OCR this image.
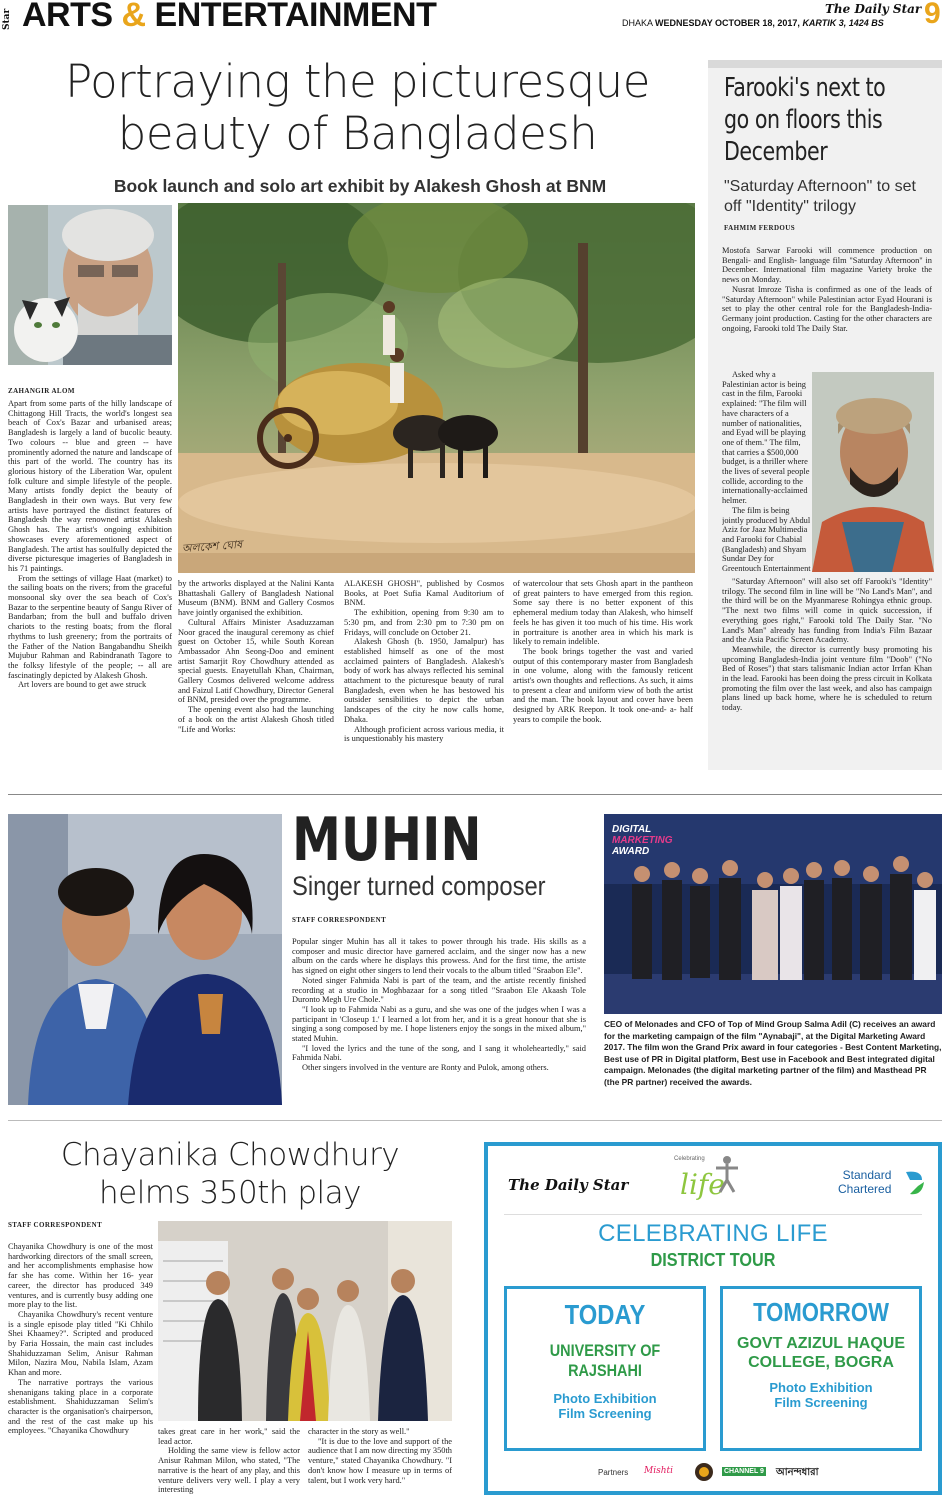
Star ARTS & ENTERTAINMENT	The Daily Star
DHAKA WEDNESDAY OCTOBER 18, 2017, KARTIK 3, 1424 BS 9
Portraying the picturesque beauty of Bangladesh
Book launch and solo art exhibit by Alakesh Ghosh at BNM
ZAHANGIR ALOM

Apart from some parts of the hilly landscape of Chittagong Hill Tracts, the world's longest sea beach of Cox's Bazar and urbanised areas; Bangladesh is largely a land of bucolic beauty. Two colours -- blue and green -- have prominently adorned the nature and landscape of this part of the world. The country has its glorious history of the Liberation War, opulent folk culture and simple lifestyle of the people. Many artists fondly depict the beauty of Bangladesh in their own ways. But very few artists have portrayed the distinct features of Bangladesh the way renowned artist Alakesh Ghosh has. The artist's ongoing exhibition showcases every aforementioned aspect of Bangladesh. The artist has soulfully depicted the diverse picturesque imageries of Bangladesh in his 71 paintings.

From the settings of village Haat (market) to the sailing boats on the rivers; from the graceful monsoonal sky over the sea beach of Cox's Bazar to the serpentine beauty of Sangu River of Bandarban; from the bull and buffalo driven chariots to the resting boats; from the floral rhythms to lush greenery; from the portraits of the Father of the Nation Bangabandhu Sheikh Mujubur Rahman and Rabindranath Tagore to the folksy lifestyle of the people; -- all are fascinatingly depicted by Alakesh Ghosh.

Art lovers are bound to get awe struck

অলকেশ ঘোষ

by the artworks displayed at the Nalini Kanta Bhattashali Gallery of Bangladesh National Museum (BNM). BNM and Gallery Cosmos have jointly organised the exhibition.

Cultural Affairs Minister Asaduzzaman Noor graced the inaugural ceremony as chief guest on October 15, while South Korean Ambassador Ahn Seong-Doo and eminent artist Samarjit Roy Chowdhury attended as special guests. Enayetullah Khan, Chairman, Gallery Cosmos delivered welcome address and Faizul Latif Chowdhury, Director General of BNM, presided over the programme.

The opening event also had the launching of a book on the artist Alakesh Ghosh titled "Life and Works:

ALAKESH GHOSH", published by Cosmos Books, at Poet Sufia Kamal Auditorium of BNM.

The exhibition, opening from 9:30 am to 5:30 pm, and from 2:30 pm to 7:30 pm on Fridays, will conclude on October 21.

Alakesh Ghosh (b. 1950, Jamalpur) has established himself as one of the most acclaimed painters of Bangladesh. Alakesh's body of work has always reflected his seminal attachment to the picturesque beauty of rural Bangladesh, even when he has bestowed his outsider sensibilities to depict the urban landscapes of the city he now calls home, Dhaka.

Although proficient across various media, it is unquestionably his mastery

of watercolour that sets Ghosh apart in the pantheon of great painters to have emerged from this region. Some say there is no better exponent of this ephemeral medium today than Alakesh, who himself feels he has given it too much of his time. His work in portraiture is another area in which his mark is likely to remain indelible.

The book brings together the vast and varied output of this contemporary master from Bangladesh in one volume, along with the famously reticent artist's own thoughts and reflections. As such, it aims to present a clear and uniform view of both the artist and the man. The book layout and cover have been designed by ARK Reepon. It took one-and- a- half years to compile the book.

Farooki's next to go on floors this December
"Saturday Afternoon" to set off "Identity" trilogy
FAHMIM FERDOUS

Mostofa Sarwar Farooki will commence production on Bengali- and English- language film "Saturday Afternoon" in December. International film magazine Variety broke the news on Monday.

Nusrat Imroze Tisha is confirmed as one of the leads of "Saturday Afternoon" while Palestinian actor Eyad Hourani is set to play the other central role for the Bangladesh-India-Germany joint production. Casting for the other characters are ongoing, Farooki told The Daily Star.

Asked why a Palestinian actor is being cast in the film, Farooki explained: "The film will have characters of a number of nationalities, and Eyad will be playing one of them." The film, that carries a $500,000 budget, is a thriller where the lives of several people collide, according to the internationally-acclaimed helmer.

The film is being jointly produced by Abdul Aziz for Jaaz Multimedia and Farooki for Chabial (Bangladesh) and Shyam Sundar Dey for Greentouch Entertainment

"Saturday Afternoon" will also set off Farooki's "Identity" trilogy. The second film in line will be "No Land's Man", and the third will be on the Myanmarese Rohingya ethnic group. "The next two films will come in quick succession, if everything goes right," Farooki told The Daily Star. "No Land's Man" already has funding from India's Film Bazaar and the Asia Pacific Screen Academy.

Meanwhile, the director is currently busy promoting his upcoming Bangladesh-India joint venture film "Doob" ("No Bed of Roses") that stars talismanic Indian actor Irrfan Khan in the lead. Farooki has been doing the press circuit in Kolkata promoting the film over the last week, and also has campaign plans lined up back home, where he is scheduled to return today.

MUHIN
Singer turned composer
STAFF CORRESPONDENT

Popular singer Muhin has all it takes to power through his trade. His skills as a composer and music director have garnered acclaim, and the singer now has a new album on the cards where he displays this prowess. And for the first time, the artiste has signed on eight other singers to lend their vocals to the album titled "Sraabon Ele".

Noted singer Fahmida Nabi is part of the team, and the artiste recently finished recording at a studio in Moghbazaar for a song titled "Sraabon Ele Akaash Tole Duronto Megh Ure Chole."

"I look up to Fahmida Nabi as a guru, and she was one of the judges when I was a participant in 'Closeup 1.' I learned a lot from her, and it is a great honour that she is singing a song composed by me. I hope listeners enjoy the songs in the mixed album," stated Muhin.

"I loved the lyrics and the tune of the song, and I sang it wholeheartedly," said Fahmida Nabi.

Other singers involved in the venture are Ronty and Pulok, among others.

DIGITAL
MARKETING
AWARD
CEO of Melonades and CFO of Top of Mind Group Salma Adil (C) receives an award for the marketing campaign of the film "Aynabaji", at the Digital Marketing Award 2017. The film won the Grand Prix award in four categories - Best Content Marketing, Best use of PR in Digital platform, Best use in Facebook and Best integrated digital campaign. Melonades (the digital marketing partner of the film) and Masthead PR (the PR partner) received the awards.
Chayanika Chowdhury helms 350th play
STAFF CORRESPONDENT

Chayanika Chowdhury is one of the most hardworking directors of the small screen, and her accomplishments emphasise how far she has come. Within her 16- year career, the director has produced 349 ventures, and is currently busy adding one more play to the list.

Chayanika Chowdhury's recent venture is a single episode play titled "Ki Chhilo Shei Khaamey?". Scripted and produced by Faria Hossain, the main cast includes Shahiduzzaman Selim, Anisur Rahman Milon, Nazira Mou, Nabila Islam, Azam Khan and more.

The narrative portrays the various shenanigans taking place in a corporate establishment. Shahiduzzaman Selim's character is the organisation's chairperson, and the rest of the cast make up his employees. "Chayanika Chowdhury	takes great care in her work," said the lead actor.

Holding the same view is fellow actor Anisur Rahman Milon, who stated, "The narrative is the heart of any play, and this venture delivers very well. I play a very interesting

character in the story as well."

"It is due to the love and support of the audience that I am now directing my 350th venture," stated Chayanika Chowdhury. "I don't know how I measure up in terms of talent, but I work very hard."

The Daily Star
Celebrating
life	Standard
Chartered
CELEBRATING LIFE
DISTRICT TOUR
TODAY
UNIVERSITY OF RAJSHAHI
Photo Exhibition
Film Screening
TOMORROW
GOVT AZIZUL HAQUE COLLEGE, BOGRA
Photo Exhibition
Film Screening
Partners Mishti	CHANNEL 9 আনন্দধারা
